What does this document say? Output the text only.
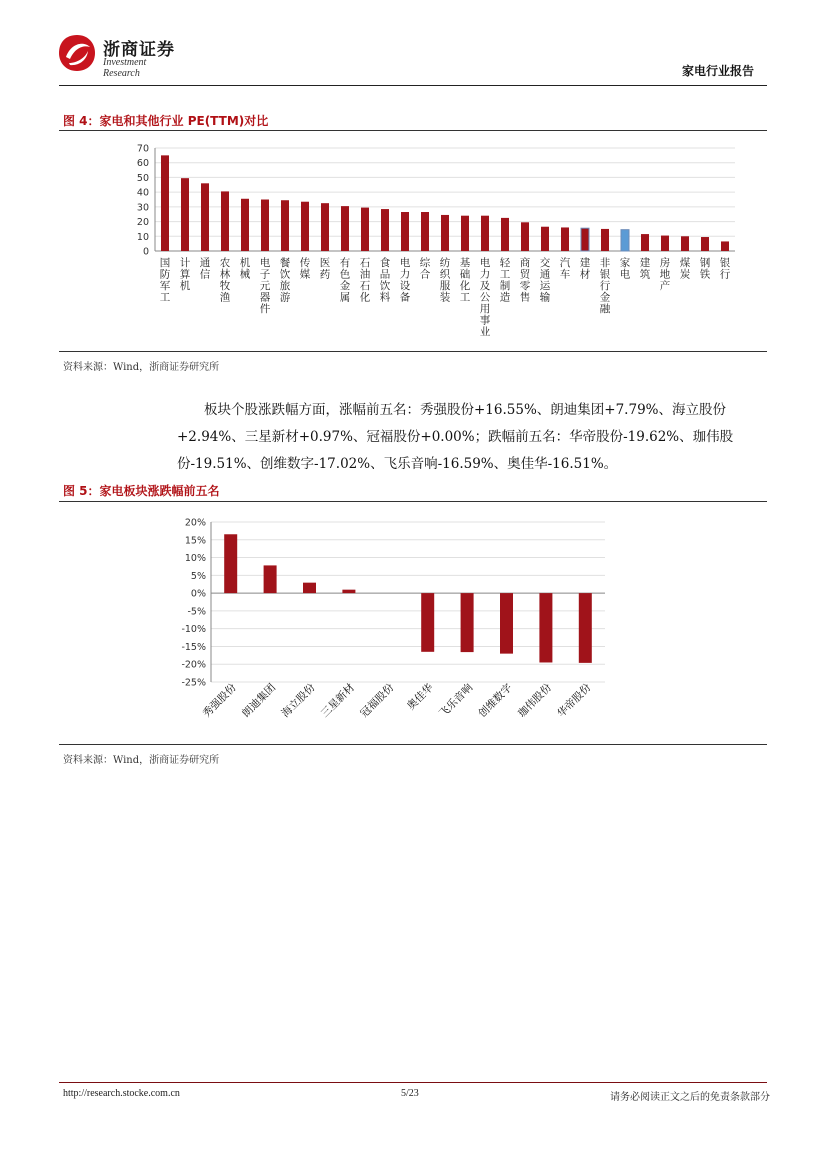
浙商证券
Investment Research	家电行业报告
图 4：家电和其他行业 PE(TTM)对比
0
10
20
30
40
50
60
70
国防军工
计算机
通信
农林牧渔
机械
电子元器件
餐饮旅游
传媒
医药
有色金属
石油石化
食品饮料
电力设备
综合
纺织服装
基础化工
电力及公用事业
轻工制造
商贸零售
交通运输
汽车
建材
非银行金融
家电
建筑
房地产
煤炭
钢铁
银行
资料来源：Wind，浙商证券研究所
板块个股涨跌幅方面，涨幅前五名：秀强股份+16.55%、朗迪集团+7.79%、海立股份+2.94%、三星新材+0.97%、冠福股份+0.00%；跌幅前五名：华帝股份-19.62%、珈伟股份-19.51%、创维数字-17.02%、飞乐音响-16.59%、奥佳华-16.51%。
图 5：家电板块涨跌幅前五名
20%
15%
10%
5%
0%
-5%
-10%
-15%
-20%
-25%
秀强股份 朗迪集团 海立股份 三星新材 冠福股份 奥佳华 飞乐音响 创维数字 珈伟股份 华帝股份
资料来源：Wind，浙商证券研究所
http://research.stocke.com.cn	5/23	请务必阅读正文之后的免责条款部分
